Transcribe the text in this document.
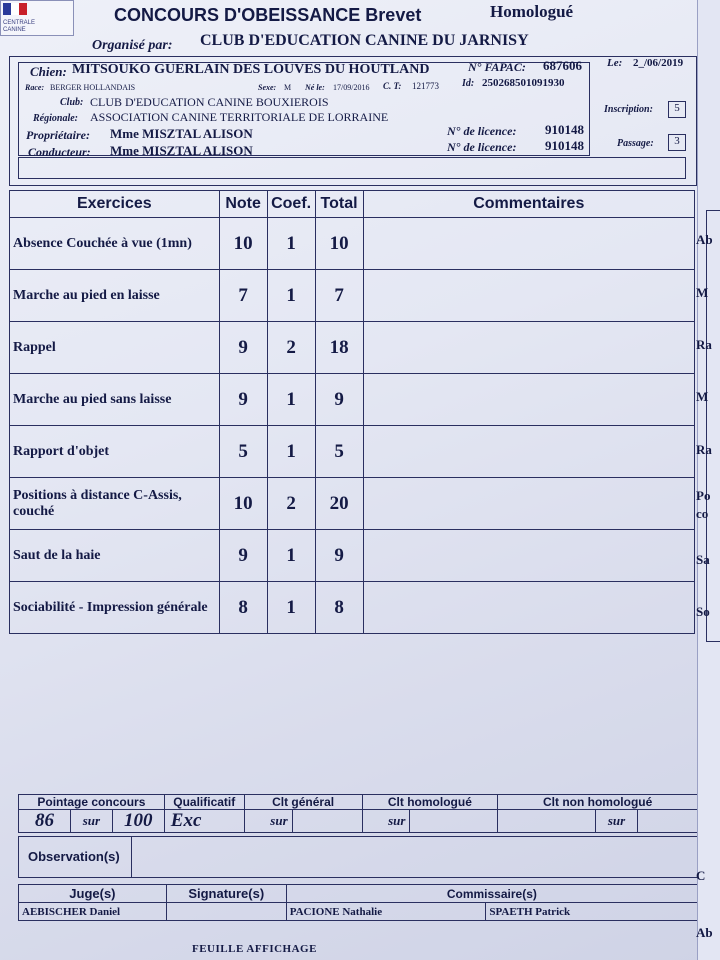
CENTRALE
CANINE
CONCOURS D'OBEISSANCE Brevet	Homologué
Organisé par: CLUB D'EDUCATION CANINE DU JARNISY
Chien: MITSOUKO GUERLAIN DES LOUVES DU HOUTLAND	N° FAPAC: 687606 Le: 2_/06/2019
Race: BERGER HOLLANDAIS	Sexe: M Né le: 17/09/2016 C. T: 121773 Id: 250268501091930
Club: CLUB D'EDUCATION CANINE BOUXIEROIS
Régionale: ASSOCIATION CANINE TERRITORIALE DE LORRAINE
Inscription:	5
Propriétaire: Mme MISZTAL ALISON	N° de licence: 910148
Passage:	3
Conducteur: Mme MISZTAL ALISON	N° de licence: 910148
Exercices	Note	Coef.	Total	Commentaires
Absence Couchée à vue (1mn)	10	1	10	
Marche au pied en laisse	7	1	7	
Rappel	9	2	18	
Marche au pied sans laisse	9	1	9	
Rapport d'objet	5	1	5	
Positions à distance C-Assis, couché	10	2	20	
Saut de la haie	9	1	9	
Sociabilité - Impression générale	8	1	8	
Pointage concours			Qualificatif	Clt général		Clt homologué		Clt non homologué		
86	sur	100	Exc	sur		sur			sur	
Observation(s)
Juge(s)	Signature(s)	Commissaire(s)	
AEBISCHER Daniel		PACIONE Nathalie	SPAETH Patrick
FEUILLE AFFICHAGE
Ab
M
Ra
M
Ra
Po
co
Sa
So
C
Ab
